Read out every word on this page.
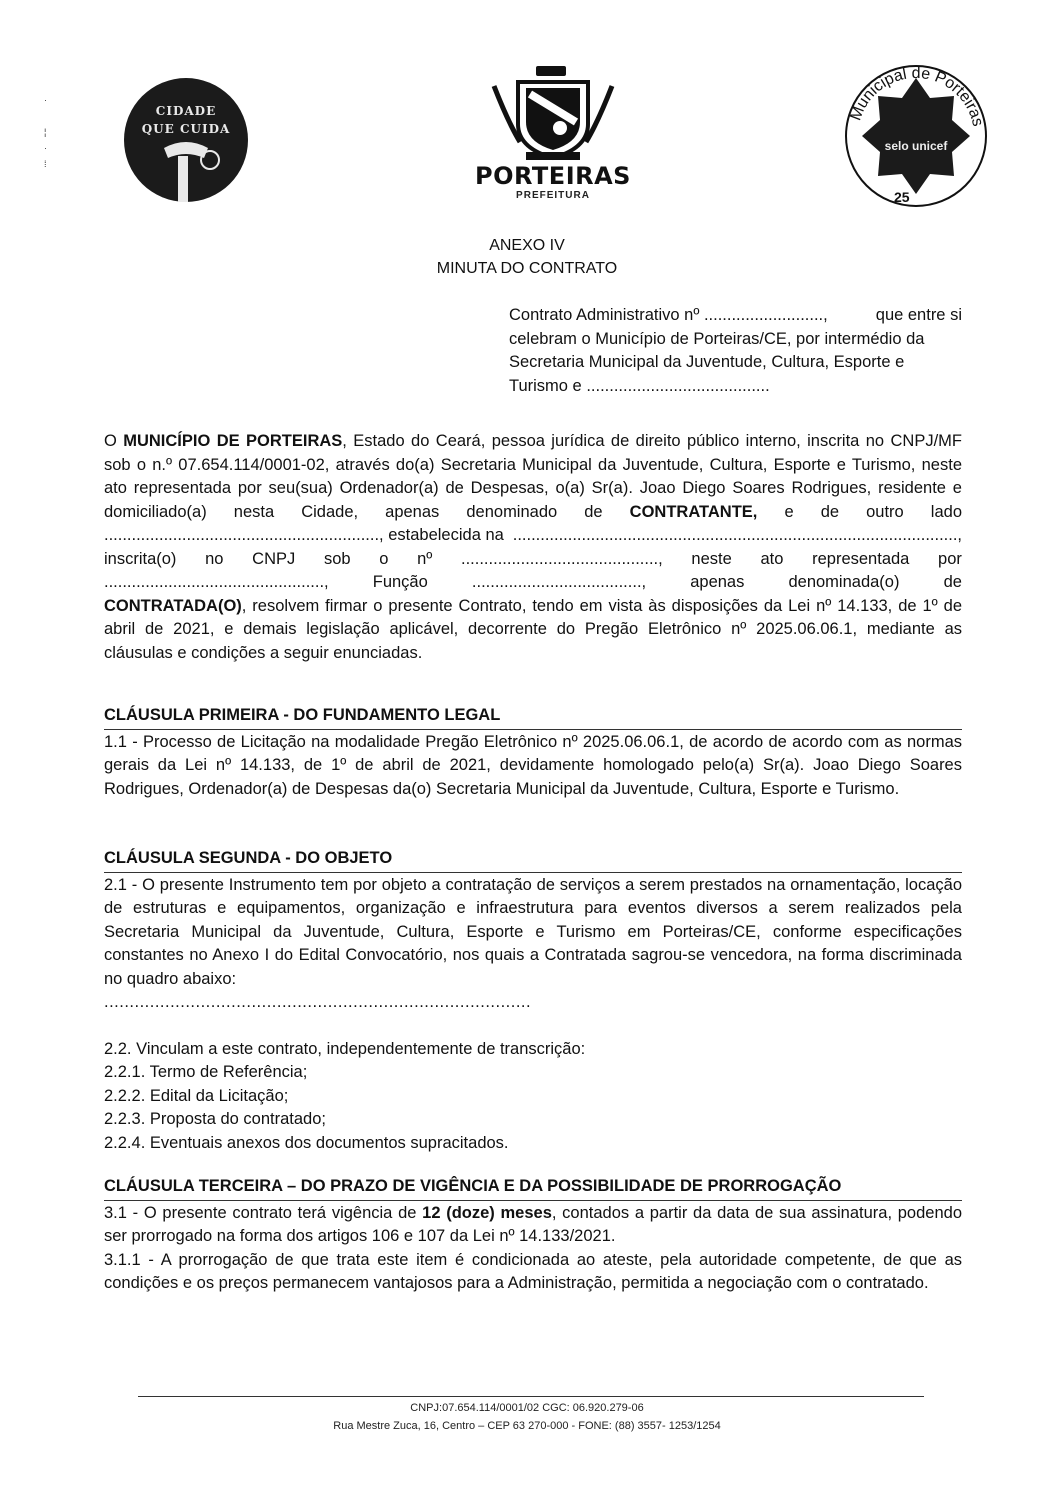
·

¦
·
⁞
CIDADE
QUE CUIDA
PORTEIRAS
PREFEITURA
Municipal de Porteiras
selo unicef
25
ANEXO IV
MINUTA DO CONTRATO
Contrato Administrativo nº ..........................,	que entre si
celebram o Município de Porteiras/CE, por intermédio da
Secretaria Municipal da Juventude, Cultura, Esporte e
Turismo e ........................................
O MUNICÍPIO DE PORTEIRAS, Estado do Ceará, pessoa jurídica de direito público interno, inscrita no CNPJ/MF sob o n.º 07.654.114/0001-02, através do(a) Secretaria Municipal da Juventude, Cultura, Esporte e Turismo, neste ato representada por seu(sua) Ordenador(a) de Despesas, o(a) Sr(a). Joao Diego Soares Rodrigues, residente e
domiciliado(a) nesta Cidade, apenas denominado de CONTRATANTE, e de outro lado
............................................................, estabelecida na .................................................................................................,
inscrita(o) no CNPJ sob o nº ..........................................., neste ato representada por
................................................,	Função	.....................................,	apenas	denominada(o)	de
CONTRATADA(O), resolvem firmar o presente Contrato, tendo em vista às disposições da Lei nº 14.133, de 1º de abril de 2021, e demais legislação aplicável, decorrente do Pregão Eletrônico nº 2025.06.06.1, mediante as cláusulas e condições a seguir enunciadas.
CLÁUSULA PRIMEIRA - DO FUNDAMENTO LEGAL
1.1 - Processo de Licitação na modalidade Pregão Eletrônico nº 2025.06.06.1, de acordo de acordo com as normas gerais da Lei nº 14.133, de 1º de abril de 2021, devidamente homologado pelo(a) Sr(a). Joao Diego Soares Rodrigues, Ordenador(a) de Despesas da(o) Secretaria Municipal da Juventude, Cultura, Esporte e Turismo.
CLÁUSULA SEGUNDA - DO OBJETO
2.1 - O presente Instrumento tem por objeto a contratação de serviços a serem prestados na ornamentação, locação de estruturas e equipamentos, organização e infraestrutura para eventos diversos a serem realizados pela Secretaria Municipal da Juventude, Cultura, Esporte e Turismo em Porteiras/CE, conforme especificações constantes no Anexo I do Edital Convocatório, nos quais a Contratada sagrou-se vencedora, na forma discriminada no quadro abaixo:
....................................................................................
2.2. Vinculam a este contrato, independentemente de transcrição:
2.2.1. Termo de Referência;
2.2.2. Edital da Licitação;
2.2.3. Proposta do contratado;
2.2.4. Eventuais anexos dos documentos supracitados.
CLÁUSULA TERCEIRA – DO PRAZO DE VIGÊNCIA E DA POSSIBILIDADE DE PRORROGAÇÃO
3.1 - O presente contrato terá vigência de 12 (doze) meses, contados a partir da data de sua assinatura, podendo ser prorrogado na forma dos artigos 106 e 107 da Lei nº 14.133/2021.
3.1.1 - A prorrogação de que trata este item é condicionada ao ateste, pela autoridade competente, de que as condições e os preços permanecem vantajosos para a Administração, permitida a negociação com o contratado.
CNPJ:07.654.114/0001/02 CGC: 06.920.279-06
Rua Mestre Zuca, 16, Centro – CEP 63 270-000 - FONE: (88) 3557- 1253/1254
